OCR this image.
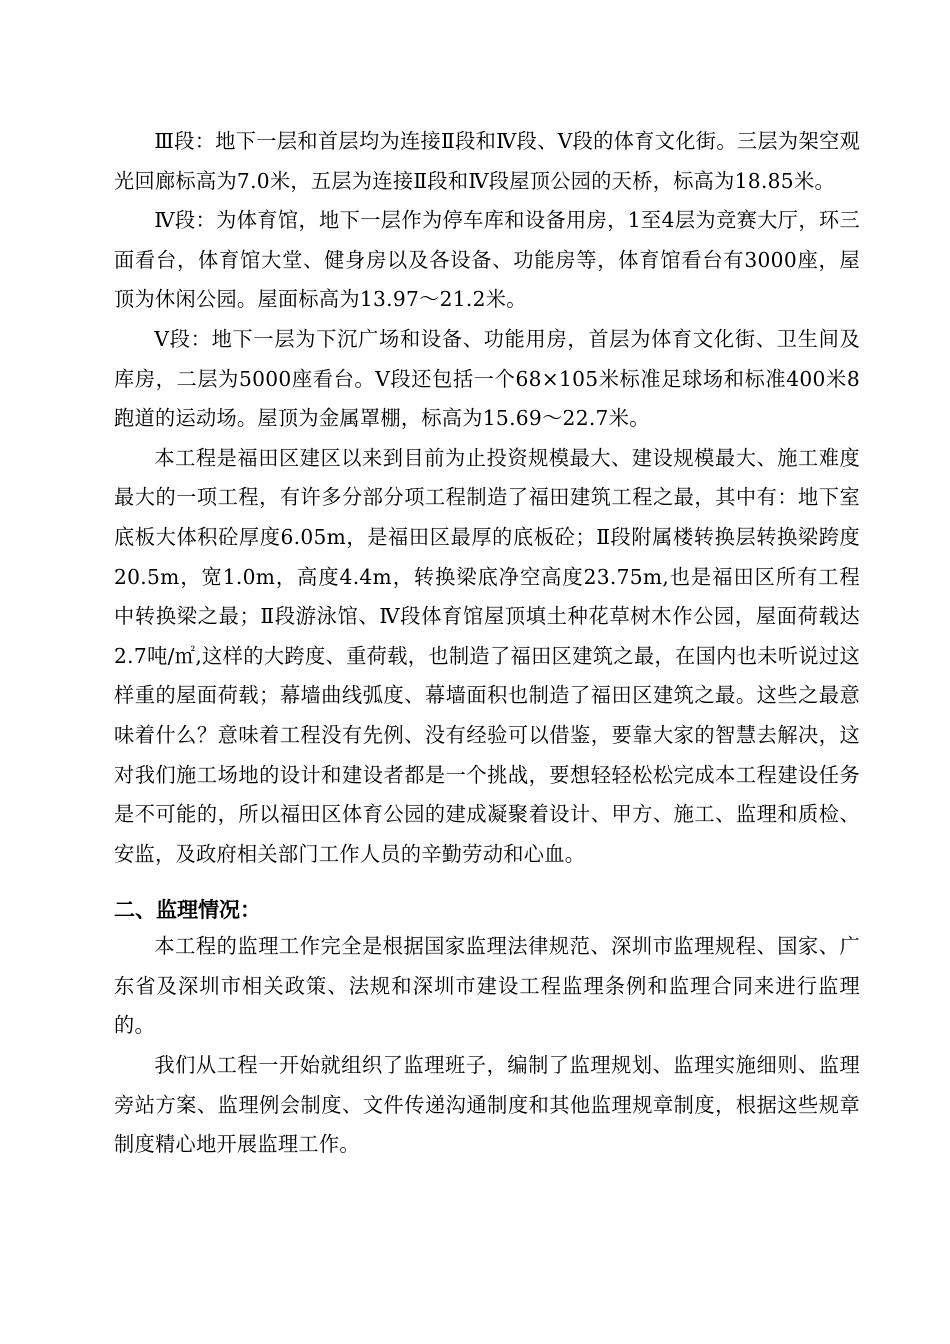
Ⅲ段：地下一层和首层均为连接Ⅱ段和Ⅳ段、Ⅴ段的体育文化街。三层为架空观光回廊标高为7.0米，五层为连接Ⅱ段和Ⅳ段屋顶公园的天桥，标高为18.85米。

Ⅳ段：为体育馆，地下一层作为停车库和设备用房，1至4层为竞赛大厅，环三面看台，体育馆大堂、健身房以及各设备、功能房等，体育馆看台有3000座，屋顶为休闲公园。屋面标高为13.97～21.2米。

Ⅴ段：地下一层为下沉广场和设备、功能用房，首层为体育文化街、卫生间及库房，二层为5000座看台。Ⅴ段还包括一个68×105米标准足球场和标准400米8跑道的运动场。屋顶为金属罩棚，标高为15.69～22.7米。

本工程是福田区建区以来到目前为止投资规模最大、建设规模最大、施工难度最大的一项工程，有许多分部分项工程制造了福田建筑工程之最，其中有：地下室底板大体积砼厚度6.05m，是福田区最厚的底板砼；Ⅱ段附属楼转换层转换梁跨度20.5m，宽1.0m，高度4.4m，转换梁底净空高度23.75m,也是福田区所有工程中转换梁之最；Ⅱ段游泳馆、Ⅳ段体育馆屋顶填土种花草树木作公园，屋面荷载达2.7吨/㎡,这样的大跨度、重荷载，也制造了福田区建筑之最，在国内也未听说过这样重的屋面荷载；幕墙曲线弧度、幕墙面积也制造了福田区建筑之最。这些之最意味着什么？意味着工程没有先例、没有经验可以借鉴，要靠大家的智慧去解决，这对我们施工场地的设计和建设者都是一个挑战，要想轻轻松松完成本工程建设任务是不可能的，所以福田区体育公园的建成凝聚着设计、甲方、施工、监理和质检、安监，及政府相关部门工作人员的辛勤劳动和心血。

二、监理情况：

本工程的监理工作完全是根据国家监理法律规范、深圳市监理规程、国家、广东省及深圳市相关政策、法规和深圳市建设工程监理条例和监理合同来进行监理的。

我们从工程一开始就组织了监理班子，编制了监理规划、监理实施细则、监理旁站方案、监理例会制度、文件传递沟通制度和其他监理规章制度，根据这些规章制度精心地开展监理工作。
